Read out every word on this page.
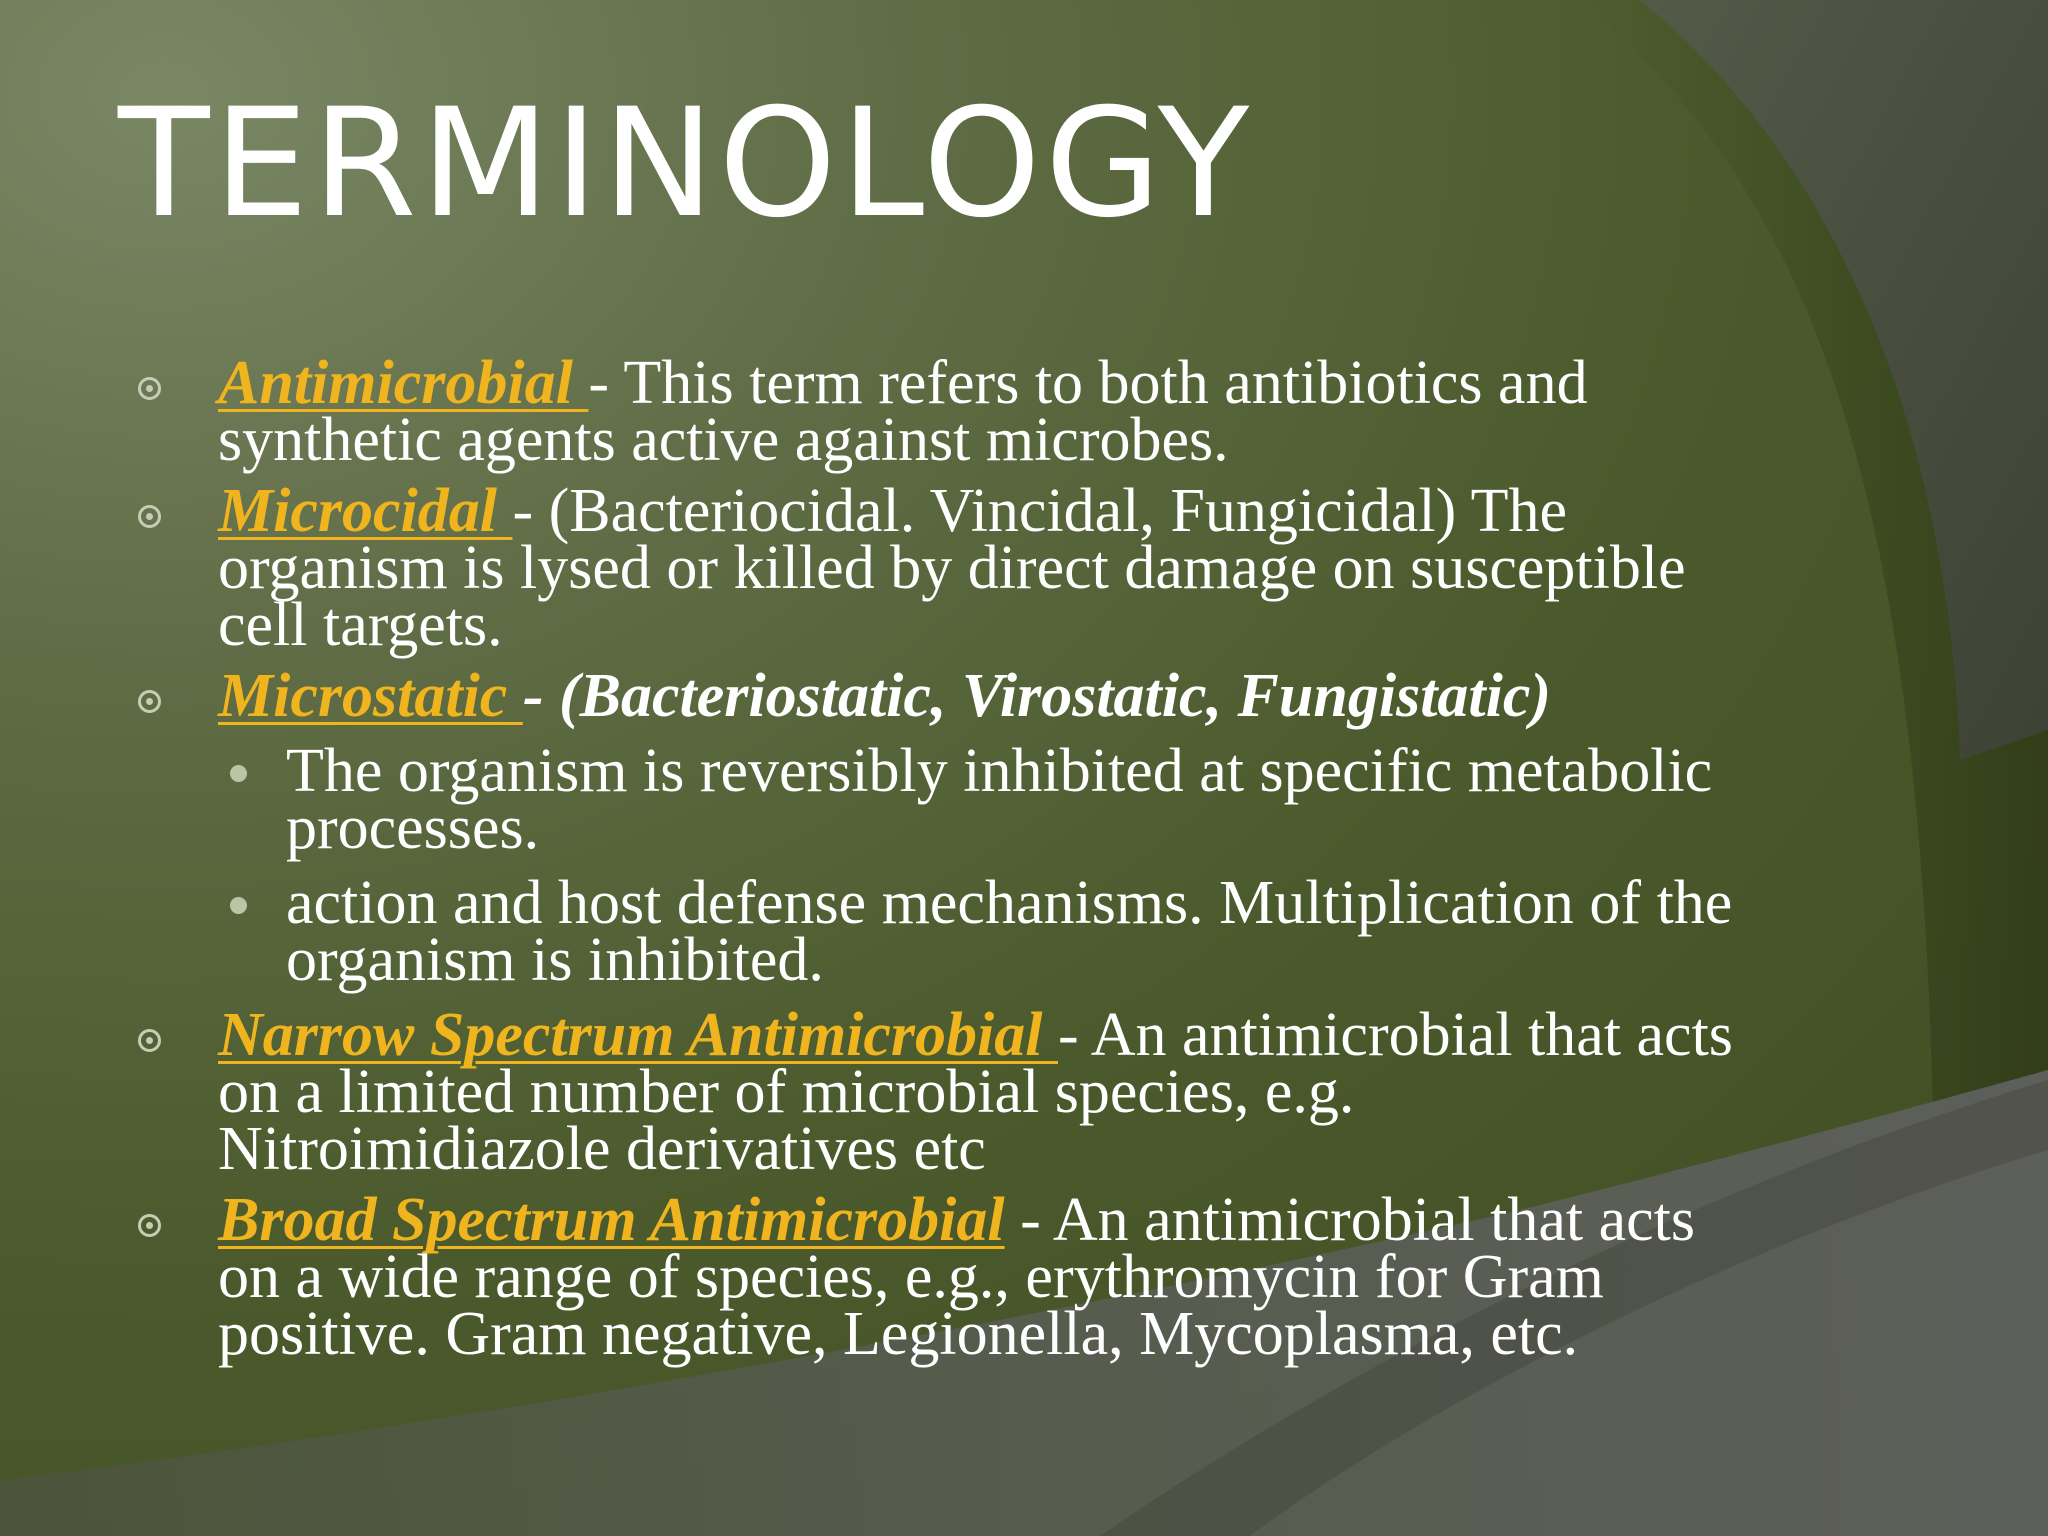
TERMINOLOGY
Antimicrobial - This term refers to both antibiotics and synthetic agents active against microbes.
Microcidal - (Bacteriocidal. Vincidal, Fungicidal) The organism is lysed or killed by direct damage on susceptible cell targets.
Microstatic - (Bacteriostatic, Virostatic, Fungistatic)
The organism is reversibly inhibited at specific metabolic processes.
action and host defense mechanisms. Multiplication of the organism is inhibited.
Narrow Spectrum Antimicrobial - An antimicrobial that acts on a limited number of microbial species, e.g. Nitroimidiazole derivatives etc
Broad Spectrum Antimicrobial - An antimicrobial that acts on a wide range of species, e.g., erythromycin for Gram positive. Gram negative, Legionella, Mycoplasma, etc.
